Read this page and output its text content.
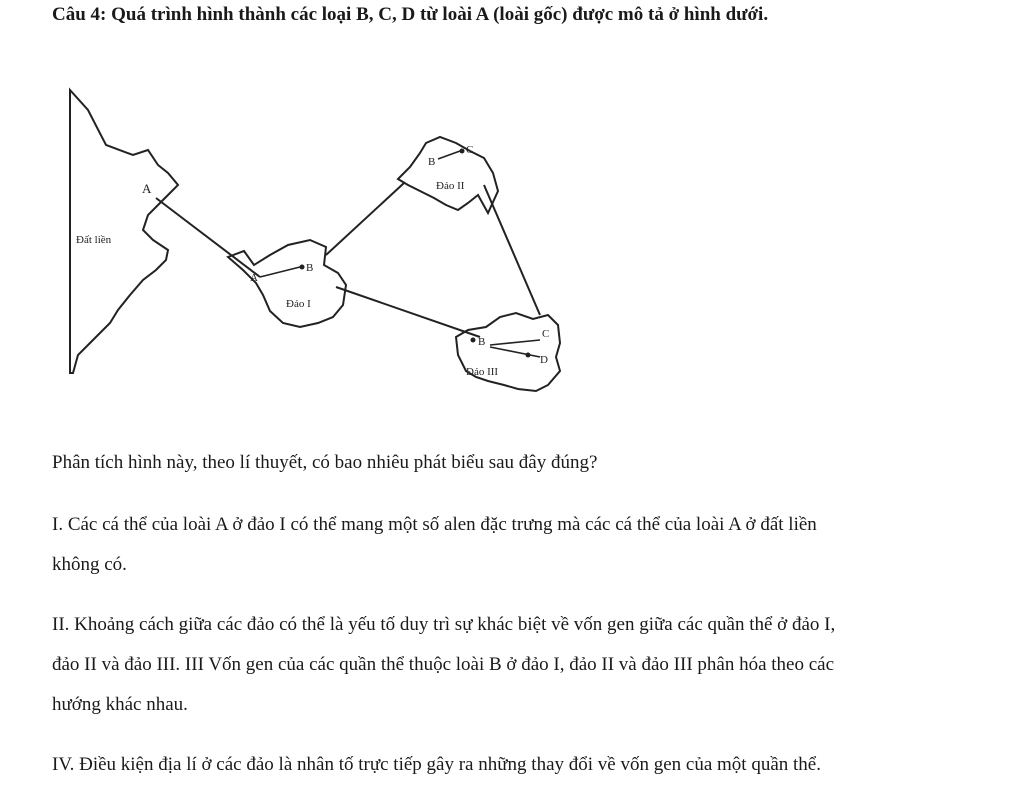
Câu 4: Quá trình hình thành các loại B, C, D từ loài A (loài gốc) được mô tả ở hình dưới.
A
Đất liền
A
B
Đảo I
B
C
Đảo II
B
C
D
Đảo III
Phân tích hình này, theo lí thuyết, có bao nhiêu phát biểu sau đây đúng?
I. Các cá thể của loài A ở đảo I có thể mang một số alen đặc trưng mà các cá thể của loài A ở đất liền
không có.
II. Khoảng cách giữa các đảo có thể là yếu tố duy trì sự khác biệt về vốn gen giữa các quần thể ở đảo I,
đảo II và đảo III. III Vốn gen của các quần thể thuộc loài B ở đảo I, đảo II và đảo III phân hóa theo các
hướng khác nhau.
IV. Điều kiện địa lí ở các đảo là nhân tố trực tiếp gây ra những thay đổi về vốn gen của một quần thể.
